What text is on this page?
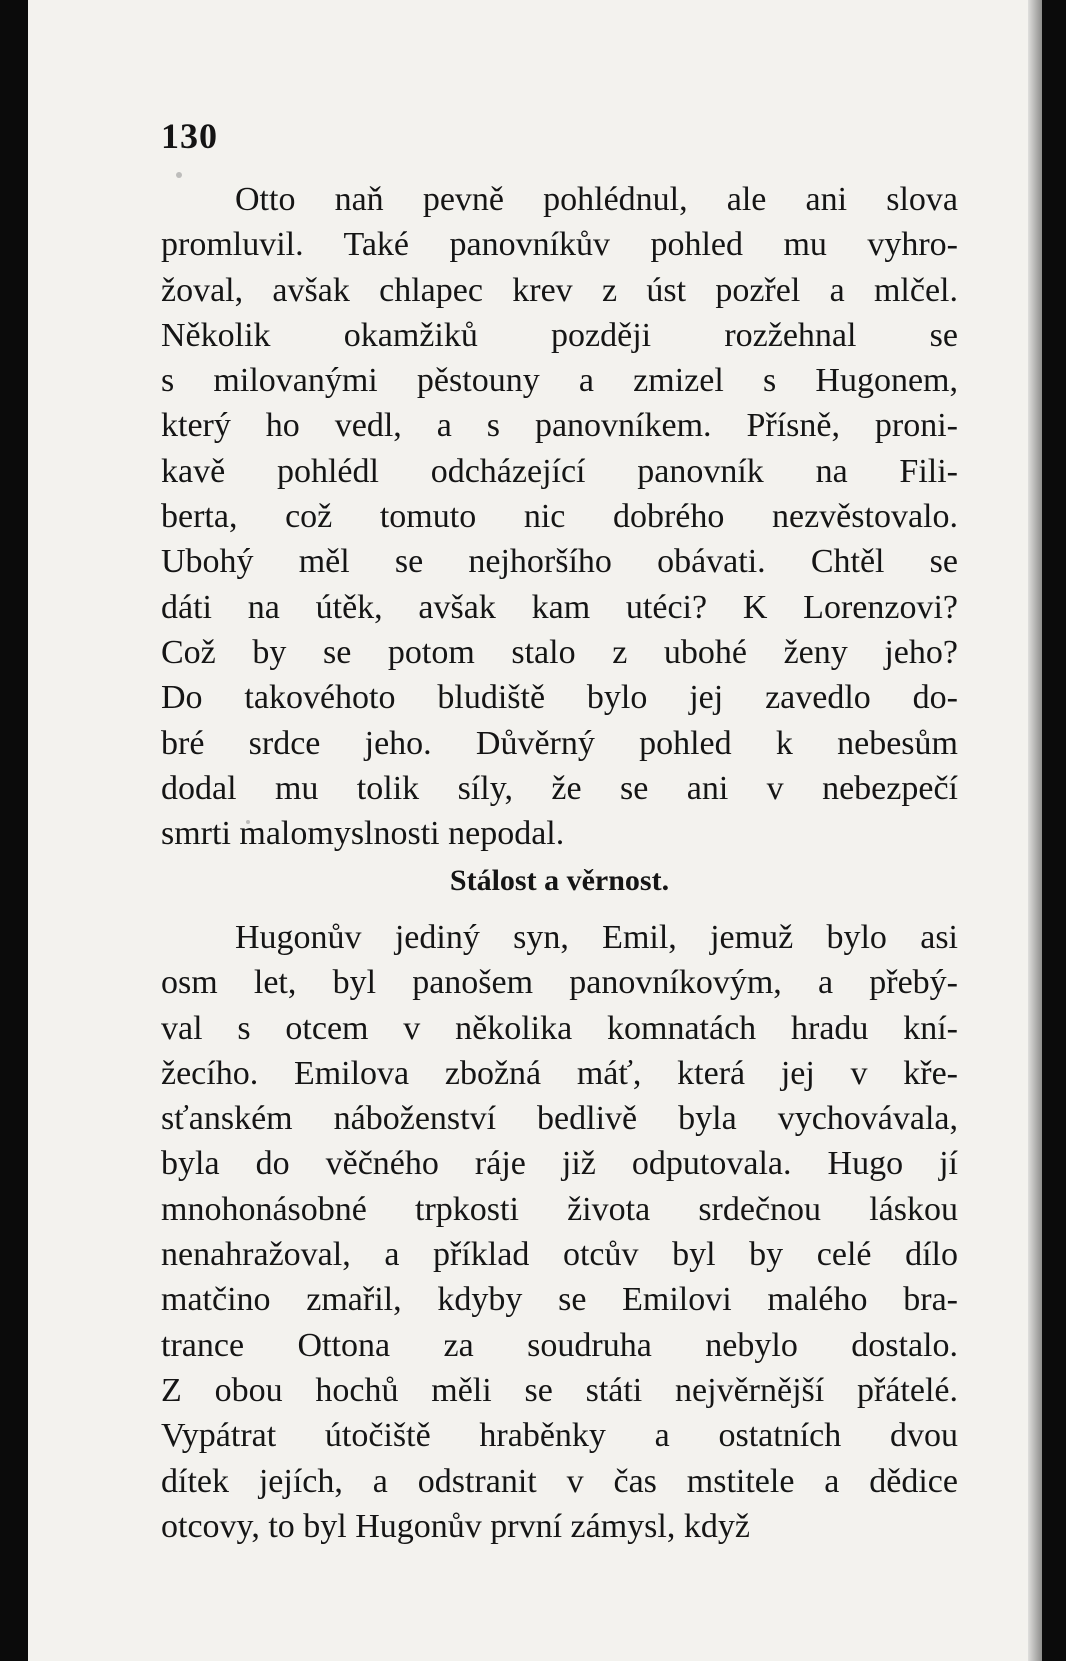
130
Otto naň pevně pohlédnul, ale ani slova
promluvil. Také panovníkův pohled mu vyhro-
žoval, avšak chlapec krev z úst pozřel a mlčel.
Několik okamžiků později rozžehnal se
s milovanými pěstouny a zmizel s Hugonem,
který ho vedl, a s panovníkem. Přísně, proni-
kavě pohlédl odcházející panovník na Fili-
berta, což tomuto nic dobrého nezvěstovalo.
Ubohý měl se nejhoršího obávati. Chtěl se
dáti na útěk, avšak kam utéci? K Lorenzovi?
Což by se potom stalo z ubohé ženy jeho?
Do takovéhoto bludiště bylo jej zavedlo do-
bré srdce jeho. Důvěrný pohled k nebesům
dodal mu tolik síly, že se ani v nebezpečí
smrti malomyslnosti nepodal.
Stálost a věrnost.
Hugonův jediný syn, Emil, jemuž bylo asi
osm let, byl panošem panovníkovým, a přebý-
val s otcem v několika komnatách hradu kní-
žecího. Emilova zbožná máť, která jej v kře-
sťanském náboženství bedlivě byla vychovávala,
byla do věčného ráje již odputovala. Hugo jí
mnohonásobné trpkosti života srdečnou láskou
nenahražoval, a příklad otcův byl by celé dílo
matčino zmařil, kdyby se Emilovi malého bra-
trance Ottona za soudruha nebylo dostalo.
Z obou hochů měli se státi nejvěrnější přátelé.
Vypátrat útočiště hraběnky a ostatních dvou
dítek jejích, a odstranit v čas mstitele a dědice
otcovy, to byl Hugonův první zámysl, když
